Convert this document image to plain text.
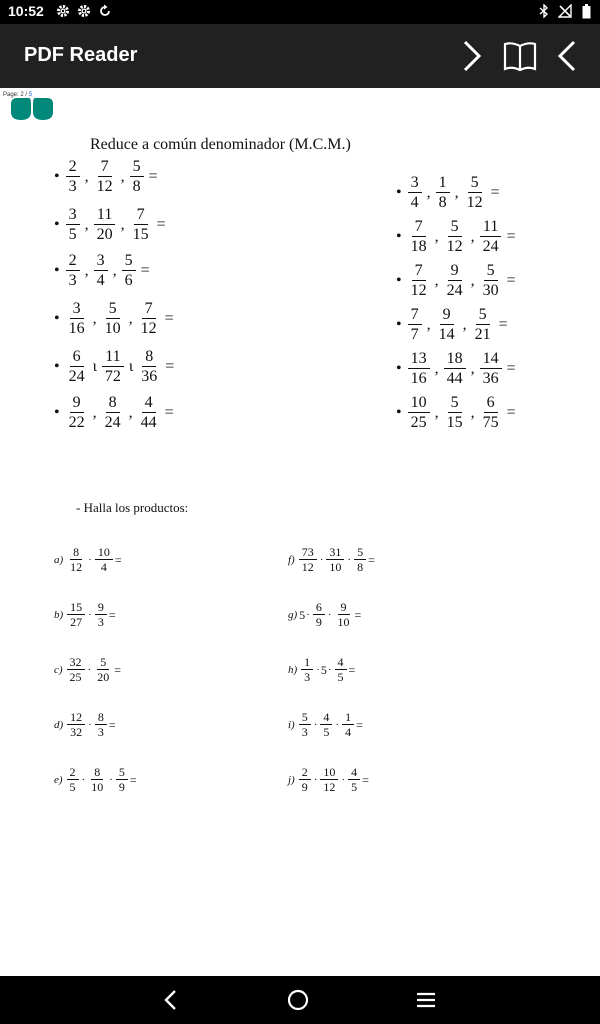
10:52
PDF Reader
Reduce a común denominador (M.C.M.)
• $\frac{2}{3}$ , $\frac{7}{12}$ , $\frac{5}{8}$ =
• $\frac{3}{5}$ , $\frac{11}{20}$ , $\frac{7}{15}$ =
• $\frac{2}{3}$ , $\frac{3}{4}$ , $\frac{5}{6}$ =
• $\frac{3}{16}$ , $\frac{5}{10}$ , $\frac{7}{12}$ =
• $\frac{6}{24}$ ι $\frac{11}{72}$ ι $\frac{8}{36}$ =
• $\frac{9}{22}$ , $\frac{8}{24}$ , $\frac{4}{44}$ =
• $\frac{3}{4}$ , $\frac{1}{8}$ , $\frac{5}{12}$ =
• $\frac{7}{18}$ , $\frac{5}{12}$ , $\frac{11}{24}$ =
• $\frac{7}{12}$ , $\frac{9}{24}$ , $\frac{5}{30}$ =
• $\frac{7}{7}$ , $\frac{9}{14}$ , $\frac{5}{21}$ =
• $\frac{13}{16}$ , $\frac{18}{44}$ , $\frac{14}{36}$ =
• $\frac{10}{25}$ , $\frac{5}{15}$ , $\frac{6}{75}$ =
- Halla los productos:
$a) \frac{8}{12} \cdot \frac{10}{4}$ =
$b) \frac{15}{27} \cdot \frac{9}{3}$ =
$c) \frac{32}{25} \cdot \frac{5}{20}$ =
$d) \frac{12}{32} \cdot \frac{8}{3}$ =
$e) \frac{2}{5} \cdot \frac{8}{10} \cdot \frac{5}{9}$ =
$f) \frac{73}{12} \cdot \frac{31}{10} \cdot \frac{5}{8}$ =
g) $5 \cdot \frac{6}{9} \cdot \frac{9}{10}$ =
$h) \frac{1}{3} \cdot 5 \cdot \frac{4}{5}$ =
$i) \frac{5}{3} \cdot \frac{4}{5} \cdot \frac{1}{4}$ =
$j) \frac{2}{9} \cdot \frac{10}{12} \cdot \frac{4}{5}$ =
Page: 2 / 5
